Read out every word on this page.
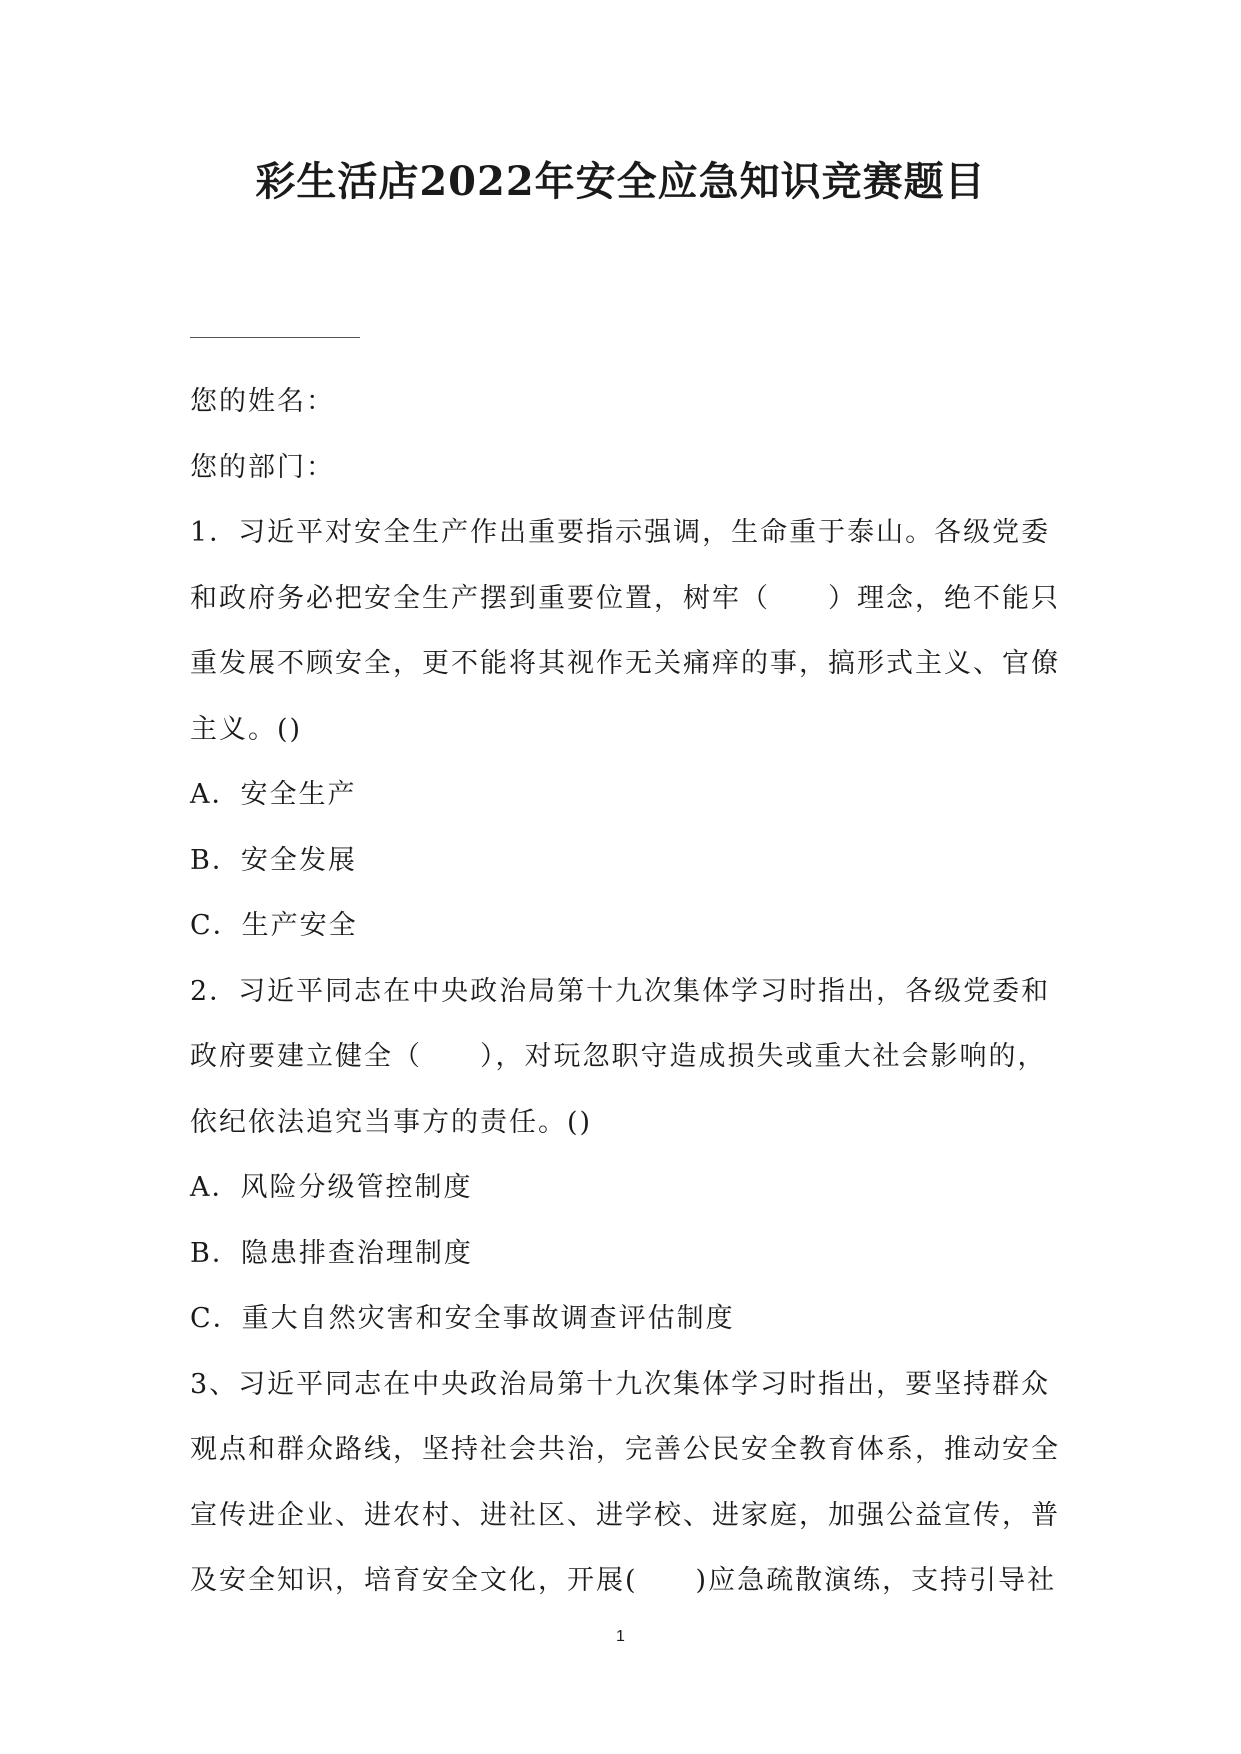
彩生活店2022年安全应急知识竞赛题目
您的姓名：
您的部门：
1．习近平对安全生产作出重要指示强调，生命重于泰山。各级党委
和政府务必把安全生产摆到重要位置，树牢（　　）理念，绝不能只
重发展不顾安全，更不能将其视作无关痛痒的事，搞形式主义、官僚
主义。()
A．安全生产
B．安全发展
C．生产安全
2．习近平同志在中央政治局第十九次集体学习时指出，各级党委和
政府要建立健全（　　），对玩忽职守造成损失或重大社会影响的，
依纪依法追究当事方的责任。()
A．风险分级管控制度
B．隐患排查治理制度
C．重大自然灾害和安全事故调查评估制度
3、习近平同志在中央政治局第十九次集体学习时指出，要坚持群众
观点和群众路线，坚持社会共治，完善公民安全教育体系，推动安全
宣传进企业、进农村、进社区、进学校、进家庭，加强公益宣传，普
及安全知识，培育安全文化，开展(　　)应急疏散演练，支持引导社
1
